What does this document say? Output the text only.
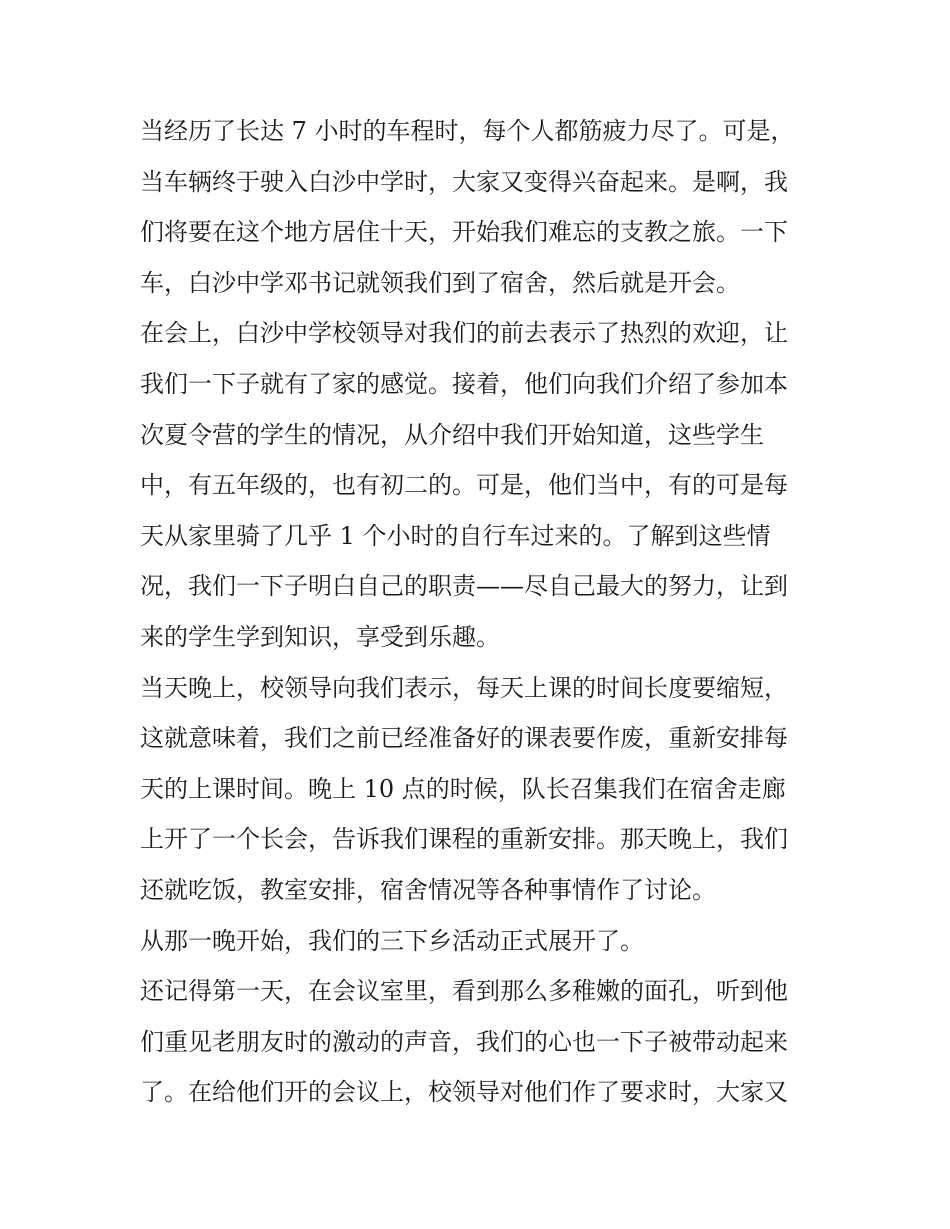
当经历了长达 7 小时的车程时，每个人都筋疲力尽了。可是，
当车辆终于驶入白沙中学时，大家又变得兴奋起来。是啊，我
们将要在这个地方居住十天，开始我们难忘的支教之旅。一下
车，白沙中学邓书记就领我们到了宿舍，然后就是开会。
在会上，白沙中学校领导对我们的前去表示了热烈的欢迎，让
我们一下子就有了家的感觉。接着，他们向我们介绍了参加本
次夏令营的学生的情况，从介绍中我们开始知道，这些学生
中，有五年级的，也有初二的。可是，他们当中，有的可是每
天从家里骑了几乎 1 个小时的自行车过来的。了解到这些情
况，我们一下子明白自己的职责——尽自己最大的努力，让到
来的学生学到知识，享受到乐趣。
当天晚上，校领导向我们表示，每天上课的时间长度要缩短，
这就意味着，我们之前已经准备好的课表要作废，重新安排每
天的上课时间。晚上 10 点的时候，队长召集我们在宿舍走廊
上开了一个长会，告诉我们课程的重新安排。那天晚上，我们
还就吃饭，教室安排，宿舍情况等各种事情作了讨论。
从那一晚开始，我们的三下乡活动正式展开了。
还记得第一天，在会议室里，看到那么多稚嫩的面孔，听到他
们重见老朋友时的激动的声音，我们的心也一下子被带动起来
了。在给他们开的会议上，校领导对他们作了要求时，大家又
